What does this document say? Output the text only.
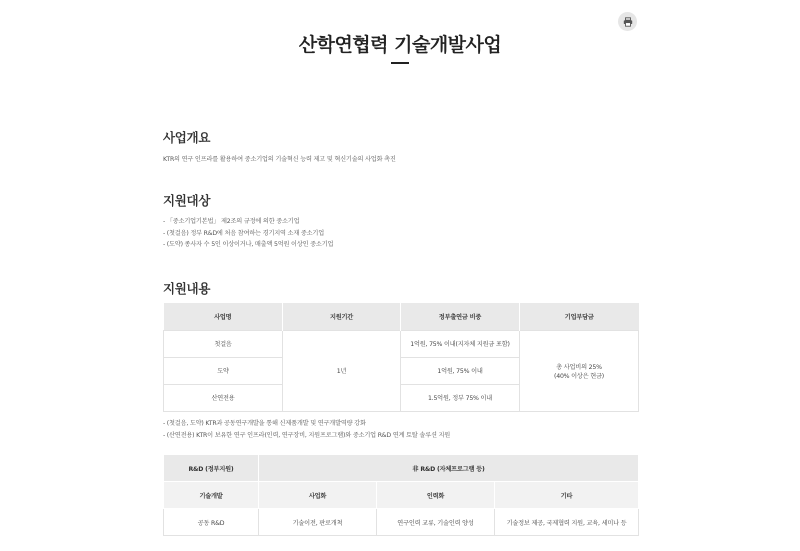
산학연협력 기술개발사업
사업개요

KTR의 연구 인프라를 활용하여 중소기업의 기술혁신 능력 제고 및 혁신기술의 사업화 촉진

지원대상
- 「중소기업기본법」 제2조의 규정에 의한 중소기업
- (첫걸음) 정부 R&D에 처음 참여하는 경기지역 소재 중소기업
- (도약) 종사자 수 5인 이상이거나, 매출액 5억원 이상인 중소기업
지원내용
사업명	지원기간	정부출연금 비중	기업부담금
첫걸음	1년	1억원, 75% 이내(지자체 지원금 포함)	총 사업비의 25%
(40% 이상은 현금)

도약		1억원, 75% 이내	
산연전용		1.5억원, 정부 75% 이내	

- (첫걸음, 도약) KTR과 공동연구개발을 통해 신제품개발 및 연구개발역량 강화

- (산연전용) KTR이 보유한 연구 인프라(인력, 연구장비, 지원프로그램)와 중소기업 R&D 연계 토탈 솔루션 지원

R&D (정부지원)	非 R&D (자체프로그램 등)		
기술개발	사업화	인력화	기타
공동 R&D	기술이전, 판로개척	연구인력 교류, 기술인력 양성	기술정보 제공, 국제협력 지원, 교육, 세미나 등
